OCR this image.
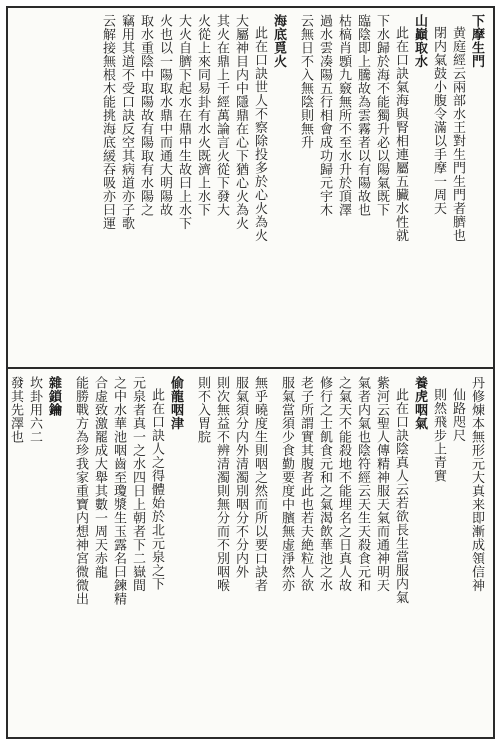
下摩生門
黄庭經云兩部水王對生門生門者臍也
閉内氣鼓小腹令滿以手摩一周天
山巓取水
此在口訣氣海與腎相連屬五臟水性就
下水歸於海不能獨升必以陽氣既下
臨陰即上騰故為雲霧者以有陽故也
枯槁肖顋九竅無所不至水升於頂澤
過水雲凑陽五行相會成功歸元宇木
云無日不入無陰則無升
海底覓火
此在口訣世人不察除投多於心火為火
大屬神目内中隱鼎在心下猶心火為火
其火在鼎上千經萬論言火從下發大
火從上來同易卦有水火既濟上水下
大火自臍下起水在鼎中生故曰上水下
火也以一陽取水鼎中而通大明陽故
取水重陰中取陽故有陽取有水陽之
竊用其道不受口訣反空其病道亦子歌
云解接無根木能挑海底緩吞吸亦曰運
丹修煉本無形元大真来即漸成領信神
仙路咫尺
則然飛步上青實
養虎咽氣
此在口訣陰真人云若欲長生當服内氣
紫河云聖人傳精神服天氣而通神明天
氣者内氣也陰符經云天生天殺食元和
之氣天不能殺地不能埋名之日真人故
修行之士飢食元和之氣渴飲華池之水
老子所謂實其腹者此也若夫絶粒人欲
服氣當須少食勤要度中臏無虚淨然亦
無乎曉度生則咽之然而所以要口訣者
服氣須分内外清濁別咽分不分内外
則次無益不辨清濁則無分而不別咽喉
則不入胃脘
偷龍咽津
此在口訣人之得體始於北元泉之下
元泉者真一之水四日上朝者下二嶽間
之中水華池咽齒至瓊漿生玉露名曰鍊精
合虚致激罷成大舉其數一周天赤龍
能勝戰方為珍我家重寶内想神宮微微出
雜鎖鑰
坎卦用六二
發其先澤也
